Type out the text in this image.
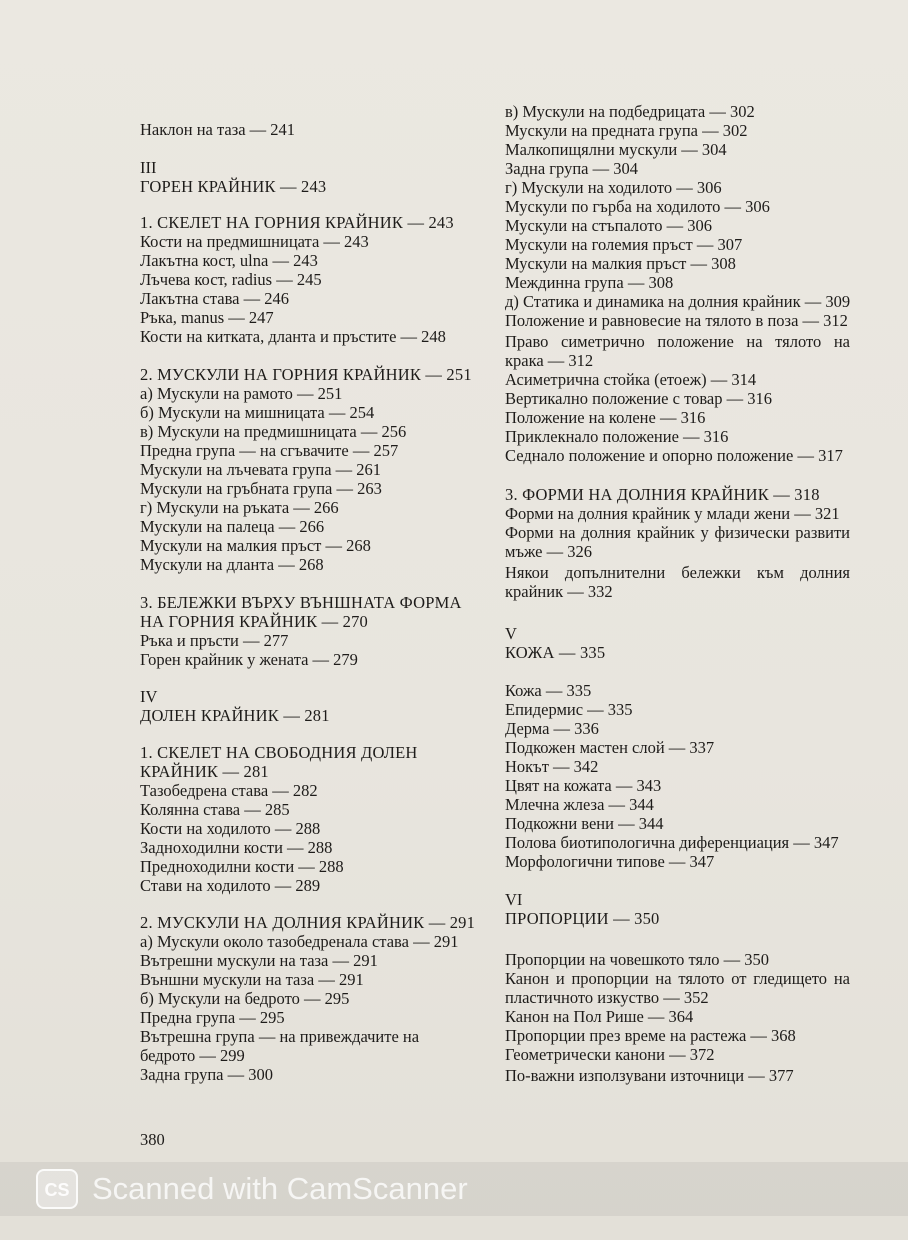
Наклон на таза — 241
III
ГОРЕН КРАЙНИК — 243
1. СКЕЛЕТ НА ГОРНИЯ КРАЙНИК — 243
Кости на предмишницата — 243
Лакътна кост, ulna — 243
Лъчева кост, radius — 245
Лакътна става — 246
Ръка, manus — 247
Кости на китката, дланта и пръстите — 248
2. МУСКУЛИ НА ГОРНИЯ КРАЙНИК — 251
а) Мускули на рамото — 251
б) Мускули на мишницата — 254
в) Мускули на предмишницата — 256
Предна група — на сгъвачите — 257
Мускули на лъчевата група — 261
Мускули на гръбната група — 263
г) Мускули на ръката — 266
Мускули на палеца — 266
Мускули на малкия пръст — 268
Мускули на дланта — 268
3. БЕЛЕЖКИ ВЪРХУ ВЪНШНАТА ФОРМА
НА ГОРНИЯ КРАЙНИК — 270
Ръка и пръсти — 277
Горен крайник у жената — 279
IV
ДОЛЕН КРАЙНИК — 281
1. СКЕЛЕТ НА СВОБОДНИЯ ДОЛЕН
КРАЙНИК — 281
Тазобедрена става — 282
Колянна става — 285
Кости на ходилото — 288
Заднoходилни кости — 288
Предноходилни кости — 288
Стави на ходилото — 289
2. МУСКУЛИ НА ДОЛНИЯ КРАЙНИК — 291
а) Мускули около тазобедреналa става — 291
Вътрешни мускули на таза — 291
Външни мускули на таза — 291
б) Мускули на бедрото — 295
Предна група — 295
Вътрешна група — на привеждачите на
бедрото — 299
Задна група — 300
в) Мускули на подбедрицата — 302
Мускули на предната група — 302
Малкопищялни мускули — 304
Задна група — 304
г) Мускули на ходилото — 306
Мускули по гърба на ходилото — 306
Мускули на стъпалото — 306
Мускули на големия пръст — 307
Мускули на малкия пръст — 308
Междинна група — 308
д) Статика и динамика на долния крайник — 309
Положение и равновесие на тялото в поза — 312
Право симетрично положение на тялото на
крака — 312
Асиметрична стойка (етоеж) — 314
Вертикално положение с товар — 316
Положение на колене — 316
Приклекнало положение — 316
Седнало положение и опорно положение — 317
3. ФОРМИ НА ДОЛНИЯ КРАЙНИК — 318
Форми на долния крайник у млади жени — 321
Форми на долния крайник у физически развити
мъже — 326
Някои допълнителни бележки към долния
крайник — 332
V
КОЖА — 335
Кожа — 335
Епидермис — 335
Дерма — 336
Подкожен мастен слой — 337
Нокът — 342
Цвят на кожата — 343
Млечна жлеза — 344
Подкожни вени — 344
Полова биотипологична диференциация — 347
Морфологични типове — 347
VI
ПРОПОРЦИИ — 350
Пропорции на човешкото тяло — 350
Канон и пропорции на тялото от гледището на
пластичното изкуство — 352
Канон на Пол Рише — 364
Пропорции през време на растежа — 368
Геометрически канони — 372
По-важни използувани източници — 377
380
CS Scanned with CamScanner
